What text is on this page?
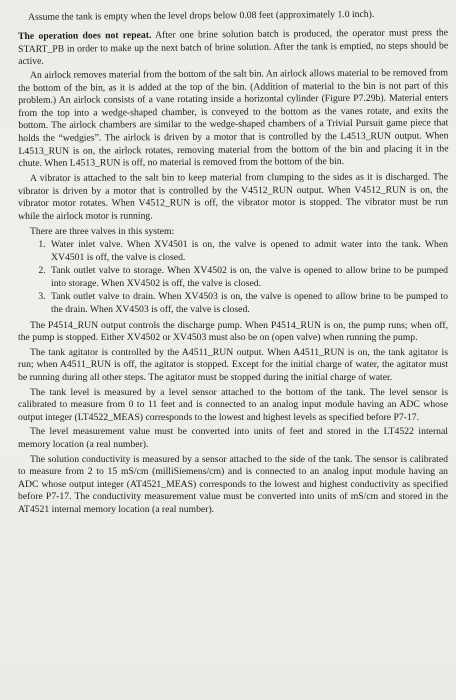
Assume the tank is empty when the level drops below 0.08 feet (approximately 1.0 inch).

The operation does not repeat. After one brine solution batch is produced, the operator must press the START_PB in order to make up the next batch of brine solution. After the tank is emptied, no steps should be active.

An airlock removes material from the bottom of the salt bin. An airlock allows material to be removed from the bottom of the bin, as it is added at the top of the bin. (Addition of material to the bin is not part of this problem.) An airlock consists of a vane rotating inside a horizontal cylinder (Figure P7.29b). Material enters from the top into a wedge-shaped chamber, is conveyed to the bottom as the vanes rotate, and exits the bottom. The airlock chambers are similar to the wedge-shaped chambers of a Trivial Pursuit game piece that holds the “wedgies”. The airlock is driven by a motor that is controlled by the L4513_RUN output. When L4513_RUN is on, the airlock rotates, removing material from the bottom of the bin and placing it in the chute. When L4513_RUN is off, no material is removed from the bottom of the bin.

A vibrator is attached to the salt bin to keep material from clumping to the sides as it is discharged. The vibrator is driven by a motor that is controlled by the V4512_RUN output. When V4512_RUN is on, the vibrator motor rotates. When V4512_RUN is off, the vibrator motor is stopped. The vibrator must be run while the airlock motor is running.

There are three valves in this system:

1. Water inlet valve. When XV4501 is on, the valve is opened to admit water into the tank. When XV4501 is off, the valve is closed.
2. Tank outlet valve to storage. When XV4502 is on, the valve is opened to allow brine to be pumped into storage. When XV4502 is off, the valve is closed.
3. Tank outlet valve to drain. When XV4503 is on, the valve is opened to allow brine to be pumped to the drain. When XV4503 is off, the valve is closed.

The P4514_RUN output controls the discharge pump. When P4514_RUN is on, the pump runs; when off, the pump is stopped. Either XV4502 or XV4503 must also be on (open valve) when running the pump.

The tank agitator is controlled by the A4511_RUN output. When A4511_RUN is on, the tank agitator is run; when A4511_RUN is off, the agitator is stopped. Except for the initial charge of water, the agitator must be running during all other steps. The agitator must be stopped during the initial charge of water.

The tank level is measured by a level sensor attached to the bottom of the tank. The level sensor is calibrated to measure from 0 to 11 feet and is connected to an analog input module having an ADC whose output integer (LT4522_MEAS) corresponds to the lowest and highest levels as specified before P7-17.

The level measurement value must be converted into units of feet and stored in the LT4522 internal memory location (a real number).

The solution conductivity is measured by a sensor attached to the side of the tank. The sensor is calibrated to measure from 2 to 15 mS/cm (milliSiemens/cm) and is connected to an analog input module having an ADC whose output integer (AT4521_MEAS) corresponds to the lowest and highest conductivity as specified before P7-17. The conductivity measurement value must be converted into units of mS/cm and stored in the AT4521 internal memory location (a real number).
